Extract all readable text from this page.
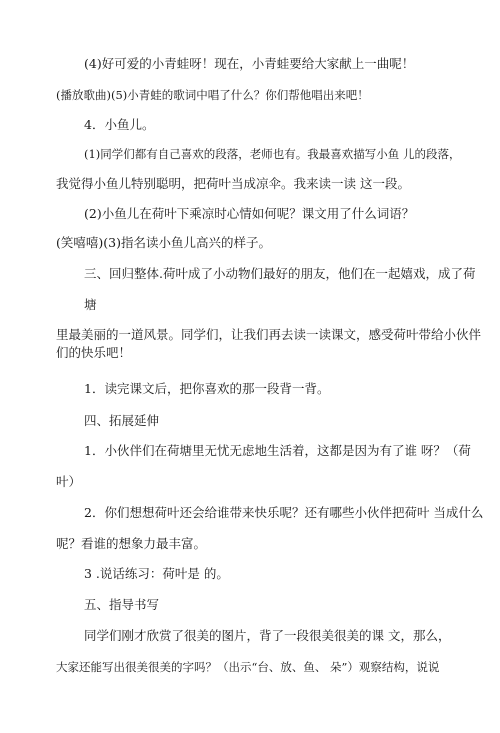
(4)好可爱的小青蛙呀！现在，小青蛙要给大家献上一曲呢！
(播放歌曲)(5)小青蛙的歌词中唱了什么？你们帮他唱出来吧！
4．小鱼儿。
(1)同学们都有自己喜欢的段落，老师也有。我最喜欢描写小鱼 儿的段落，
我觉得小鱼儿特别聪明，把荷叶当成凉伞。我来读一读 这一段。
(2)小鱼儿在荷叶下乘凉时心情如何呢？课文用了什么词语？
(笑嘻嘻)(3)指名读小鱼儿高兴的样子。
三、回归整体.荷叶成了小动物们最好的朋友，他们在一起嬉戏，成了荷
塘
里最美丽的一道风景。同学们，让我们再去读一读课文，感受荷叶带给小伙伴
们的快乐吧！
1．读完课文后，把你喜欢的那一段背一背。
四、拓展延伸
1．小伙伴们在荷塘里无忧无虑地生活着，这都是因为有了谁 呀？（荷
叶）
2．你们想想荷叶还会给谁带来快乐呢？还有哪些小伙伴把荷叶 当成什么
呢？看谁的想象力最丰富。
3 .说话练习：荷叶是 的。
五、指导书写
同学们刚才欣赏了很美的图片，背了一段很美很美的课 文，那么，
大家还能写出很美很美的字吗？（出示“台、放、鱼、 朵”）观察结构，说说
